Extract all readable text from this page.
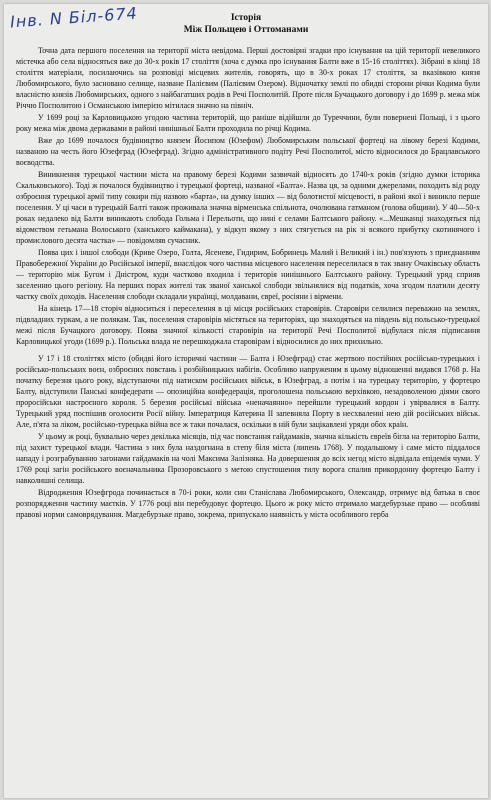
Інв. N Біл-674	Історія
Між Польщею і Оттоманами

Точна дата першого поселення на території міста невідома. Перші достовірні згадки про існування на цій території невеликого містечка або села відносяться вже до 30-х років 17 століття (хоча є думка про існування Балти вже в 15-16 століттях). Зібрані в кінці 18 століття матеріали, посилаючись на розповіді місцевих жителів, говорять, що в 30-х роках 17 століття, за вказівкою князя Любомирського, було засновано селище, назване Палієвим (Палієвим Озером). Відночатку землі по обидві сторони річки Кодима були власністю князів Любомирських, одного з найбагатших родів в Речі Посполитій. Проте після Бучацького договору і до 1699 р. межа між Річчю Посполитою і Османською імперією мітилася значно на північ.

У 1699 році за Карловицькою угодою частина територій, що раніше відійшли до Туреччини, були повернені Польщі, і з цього року межа між двома державами в районі нинішньої Балти проходила по річці Кодима.

Вже до 1699 почалося будівництво князем Йосипом (Юзефом) Любомирським польської фортеці на лівому березі Кодими, названою на честь його Юзефград (Юзефград). Згідно адміністративного подіту Речі Посполитої, місто відносилося до Брацлавського воєводства.

Виникнення турецької частини міста на правому березі Кодими зазвичай відносять до 1740-х років (згідно думки історика Скальковського). Тоді ж почалося будівництво і турецької фортеці, названої «Балта». Назва ця, за одними джерелами, походить від роду озброєння турецької армії типу сокири під назвою «барта», на думку інших — від болотистої місцевості, в районі якої і виникло перше поселення. У ці часи в турецькій Балті також проживала значна вірменська спільнота, очолювана гатманом (голова общини). У 40—50-х роках недалеко від Балти виникають слобода Гольма і Перельоти, що нині є селами Балтського району. «...Мешканці знаходяться під відомством гетьмана Волоського (ханського каймакана), у відкуп якому з них стягується на рік зі всякого прибутку скотинячого і промислового десята частка» — повідомляв сучасник.

Поява цих і іншої слободи (Криве Озеро, Голта, Ясеневе, Гидирим, Бобринець Малий і Великий і ін.) пов'язують з приєднанням Правобережної України до Російської імперії, внаслідок чого частина місцевого населення переселилася в так звану Очаківську область — територію між Бугом і Дністром, куди частково входила і територія нинішнього Балтського району. Турецький уряд сприяв заселенню цього регіону. На перших порах жителі так званої ханської слободи звільнялися від податків, хоча згодом платили десяту частку своїх доходів. Населення слободи складали українці, молдавани, євреї, росіяни і вірмени.

На кінець 17—18 сторіч відноситься і переселення в ці місця російських старовірів. Старовіри селилися переважно на землях, підвладних туркам, а не полякам. Так, поселення старовірів містяться на територіях, що знаходяться на південь від польсько-турецької межі після Бучацкого договору. Поява значної кількості старовірів на території Речі Посполитої відбулася після підписання Карловицької угоди (1699 р.). Польська влада не перешкоджала старовірам і відносилися до них прихильно.

У 17 і 18 століттях місто (обидві його історичні частини — Балта і Юзефград) стає жертвою постійних російсько-турецьких і російсько-польських воєн, озброєних повстань і розбійницьких набігів. Особливо напруженим в цьому відношенні видався 1768 р. На початку березня цього року, відступаючи під натиском російських військ, в Юзефград, а потім і на турецьку територію, у фортецю Балту, відступили Панські конфедерати — опозиційна конфедерація, проголошена польською верхівкою, незадоволеною діями свого проросійськи настроєного короля. 5 березня російські війська «неначаянно» перейшли турецький кордон і увірвалися в Балту. Турецький уряд поспішив оголосити Росії війну. Імператриця Катерина II запевняла Порту в несхваленні нею дій російських військ. Але, п'ята за ліком, російсько-турецька війна все ж таки почалася, оскільки в ній були зацікавлені уряди обох країн.

У цьому ж році, буквально через декілька місяців, під час повстання гайдамаків, значна кількість євреїв бігла на територію Балти, під захист турецької влади. Частина з них була наздогнана в степу біля міста (липень 1768). У подальшому і саме місто піддалося нападу і розграбуванню загонами гайдамаків на чолі Максима Залізняка. На довершення до всіх негод місто відвідала епідемія чуми. У 1769 році загін російського воєначальника Прозоровського з метою спустошення тилу ворога спалив прикордонну фортецю Балту і навколишні селища.

Відродження Юзефгрода починається в 70-і роки, коли син Станіслава Любомирського, Олександр, отримує від батька в своє розпорядження частину маєтків. У 1776 році він перебудовує фортецю. Цього ж року місто отримало магдебурзьке право — особливі правові норми самоврядування. Магдебурзьке право, зокрема, припускало наявність у міста особливого герба
